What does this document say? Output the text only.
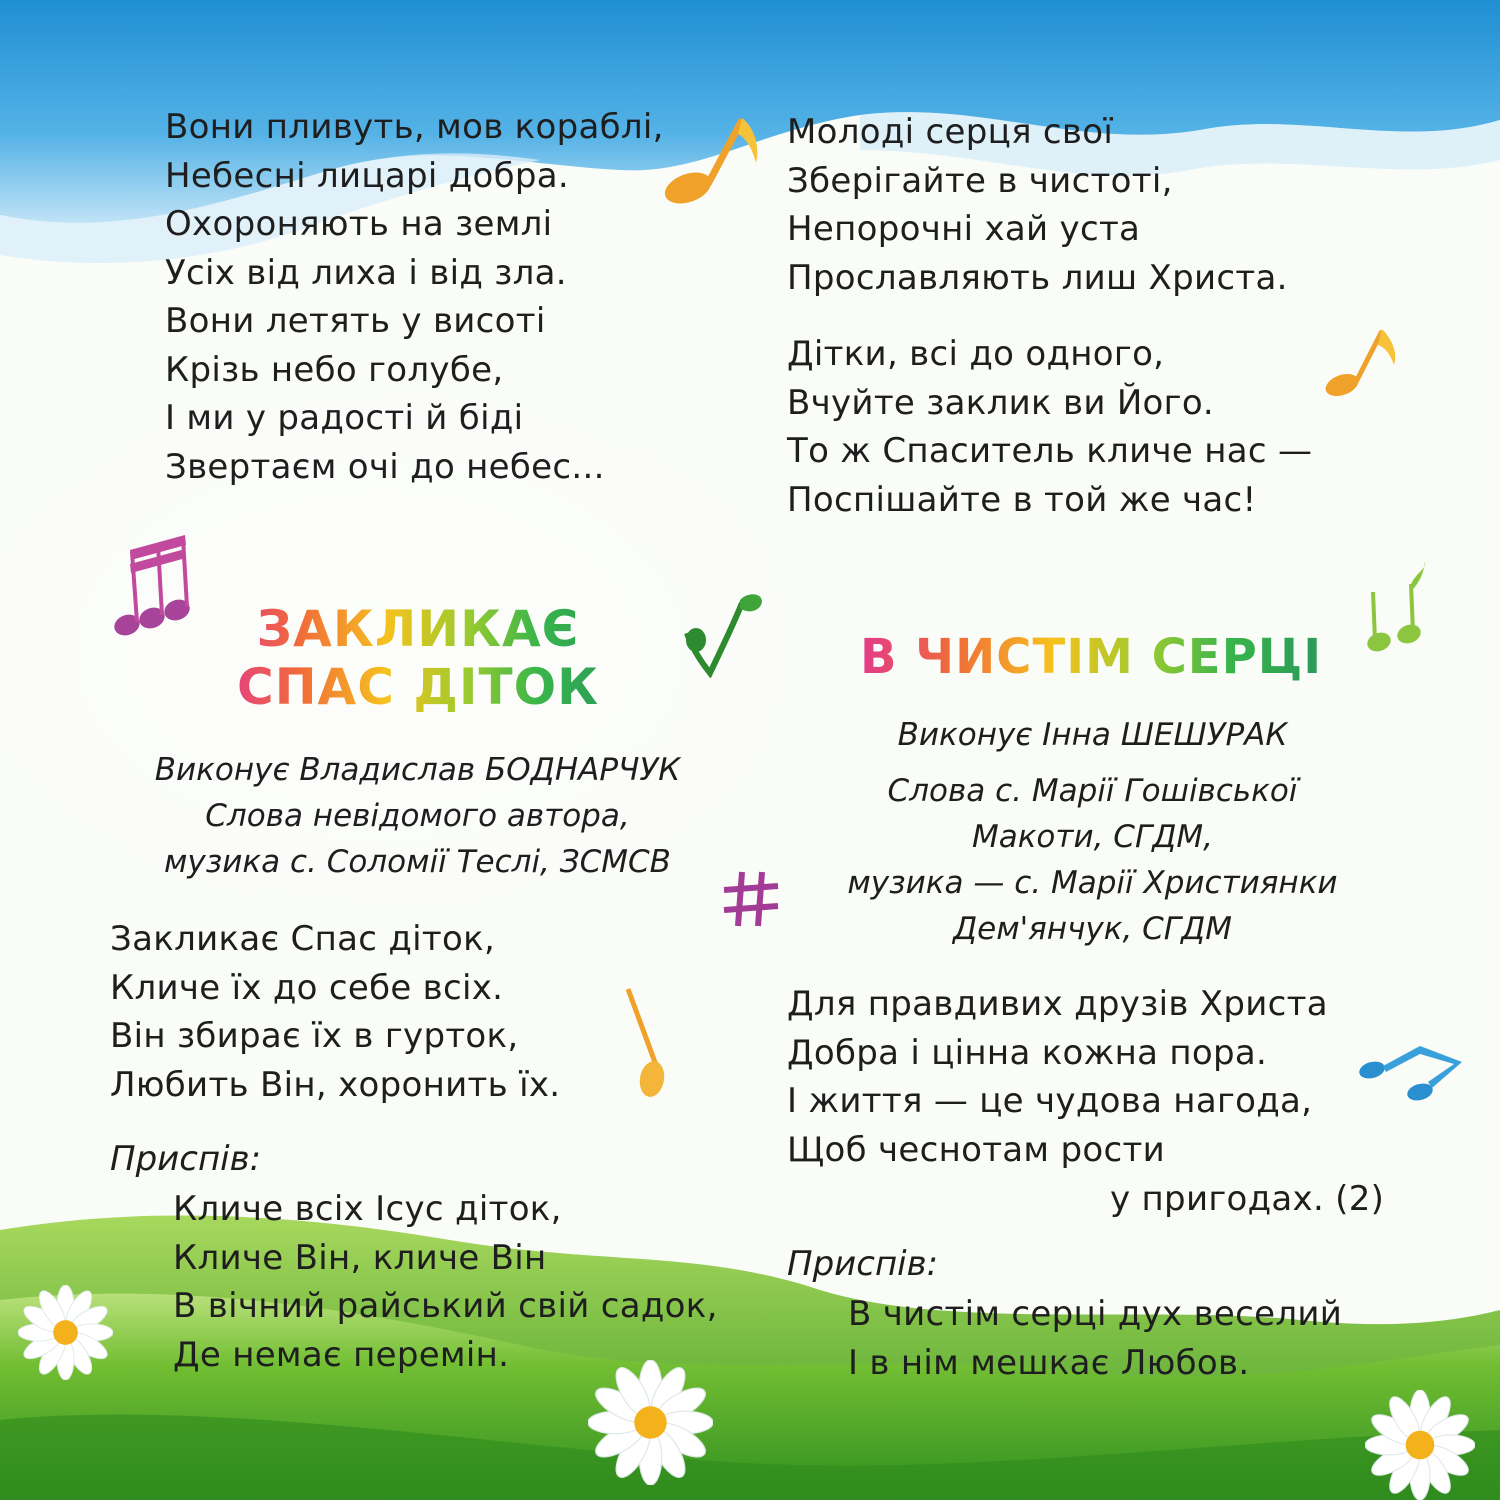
Вони пливуть, мов кораблі,
Небесні лицарі добра.
Охороняють на землі
Усіх від лиха і від зла.
Вони летять у висоті
Крізь небо голубе,
І ми у радості й біді
Звертаєм очі до небес...
Молоді серця свої
Зберігайте в чистоті,
Непорочні хай уста
Прославляють лиш Христа.
Дітки, всі до одного,
Вчуйте заклик ви Його.
То ж Спаситель кличе нас —
Поспішайте в той же час!
ЗАКЛИКАЄ
СПАС ДІТОК
Виконує Владислав БОДНАРЧУК
Слова невідомого автора,
музика с. Соломії Теслі, ЗСМСВ
Закликає Спас діток,
Кличе їх до себе всіх.
Він збирає їх в гурток,
Любить Він, хоронить їх.
Приспів:
Кличе всіх Ісус діток,
Кличе Він, кличе Він
В вічний райський свій садок,
Де немає перемін.
В ЧИСТІМ СЕРЦІ
Виконує Інна ШЕШУРАК
Слова с. Марії Гошівської
Макоти, СГДМ,
музика — с. Марії Християнки
Дем'янчук, СГДМ
Для правдивих друзів Христа
Добра і цінна кожна пора.
І життя — це чудова нагода,
Щоб чеснотам рости
у пригодах. (2)
Приспів:
В чистім серці дух веселий
І в нім мешкає Любов.
